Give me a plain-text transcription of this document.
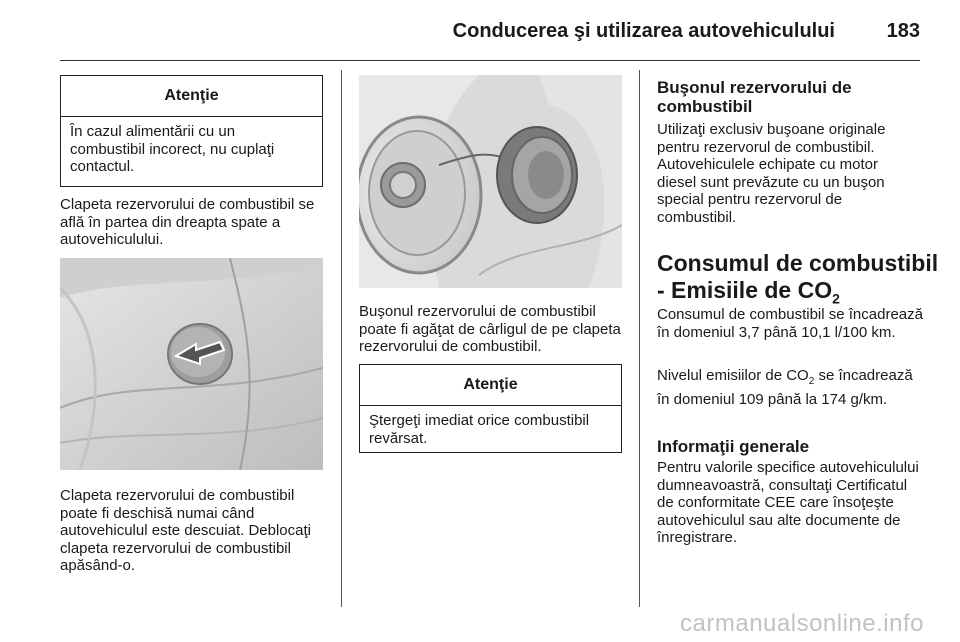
Conducerea şi utilizarea autovehiculului	183
Atenţie
În cazul alimentării cu un combustibil incorect, nu cuplaţi contactul.
Clapeta rezervorului de combustibil se află în partea din dreapta spate a autovehiculului.
Clapeta rezervorului de combustibil poate fi deschisă numai când autovehiculul este descuiat. Deblocaţi clapeta rezervorului de combustibil apăsând-o.
Buşonul rezervorului de combustibil poate fi agăţat de cârligul de pe clapeta rezervorului de combustibil.
Atenţie
Ştergeţi imediat orice combustibil revărsat.
Buşonul rezervorului de combustibil
Utilizaţi exclusiv buşoane originale pentru rezervorul de combustibil. Autovehiculele echipate cu motor diesel sunt prevăzute cu un buşon special pentru rezervorul de combustibil.
Consumul de combustibil - Emisiile de $CO_2$
Consumul de combustibil se încadrează în domeniul 3,7 până 10,1 l/100 km.
Nivelul emisiilor de $CO_2$ se încadrează în domeniul 109 până la 174 g/km.
Informaţii generale
Pentru valorile specifice autovehiculului dumneavoastră, consultaţi Certificatul de conformitate CEE care însoţeşte autovehiculul sau alte documente de înregistrare.
carmanualsonline.info
